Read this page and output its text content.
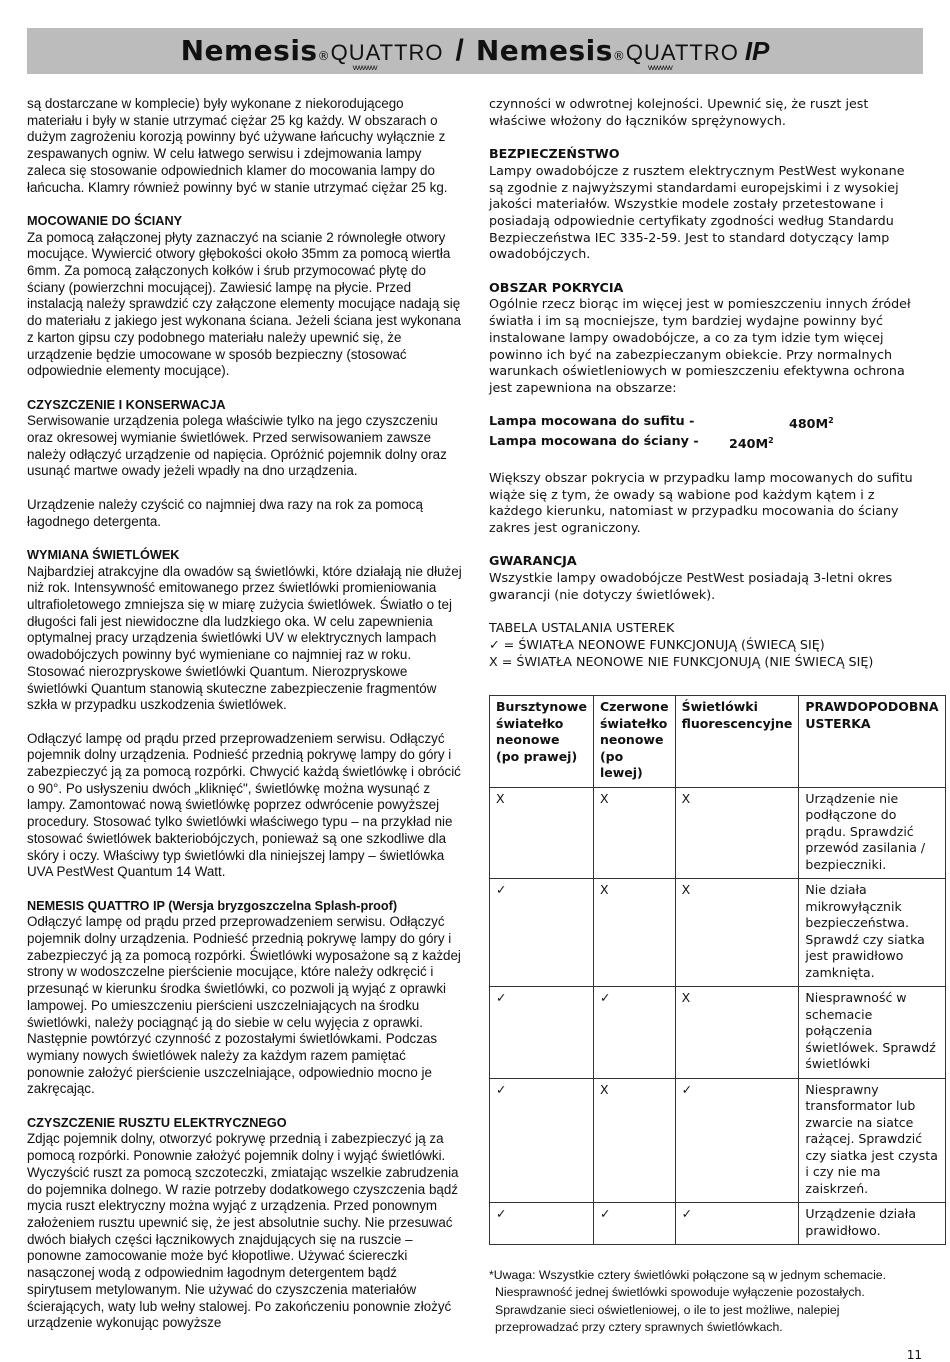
Nemesis ® QUATTRO
vvvvvvvv
/ Nemesis ® QUATTRO
vvvvvvvv
IP

są dostarczane w komplecie) były wykonane z niekorodującego materiału i były w stanie utrzymać ciężar 25 kg każdy. W obszarach o dużym zagrożeniu korozją powinny być używane łańcuchy wyłącznie z zespawanych ogniw. W celu łatwego serwisu i zdejmowania lampy zaleca się stosowanie odpowiednich klamer do mocowania lampy do łańcucha. Klamry również powinny być w stanie utrzymać ciężar 25 kg.

MOCOWANIE DO ŚCIANY

Za pomocą załączonej płyty zaznaczyć na scianie 2 równoległe otwory mocujące. Wywiercić otwory głębokości około 35mm za pomocą wiertła 6mm. Za pomocą załączonych kołków i śrub przymocować płytę do ściany (powierzchni mocującej). Zawiesić lampę na płycie. Przed instalacją należy sprawdzić czy załączone elementy mocujące nadają się do materiału z jakiego jest wykonana ściana. Jeżeli ściana jest wykonana z karton gipsu czy podobnego materiału należy upewnić się, że urządzenie będzie umocowane w sposób bezpieczny (stosować odpowiednie elementy mocujące).

CZYSZCZENIE I KONSERWACJA

Serwisowanie urządzenia polega właściwie tylko na jego czyszczeniu oraz okresowej wymianie świetlówek. Przed serwisowaniem zawsze należy odłączyć urządzenie od napięcia. Opróżnić pojemnik dolny oraz usunąć martwe owady jeżeli wpadły na dno urządzenia.

Urządzenie należy czyścić co najmniej dwa razy na rok za pomocą łagodnego detergenta.

WYMIANA ŚWIETLÓWEK

Najbardziej atrakcyjne dla owadów są świetlówki, które działają nie dłużej niż rok. Intensywność emitowanego przez świetlówki promieniowania ultrafioletowego zmniejsza się w miarę zużycia świetlówek. Światło o tej długości fali jest niewidoczne dla ludzkiego oka. W celu zapewnienia optymalnej pracy urządzenia świetlówki UV w elektrycznych lampach owadobójczych powinny być wymieniane co najmniej raz w roku. Stosować nierozpryskowe świetlówki Quantum. Nierozpryskowe świetlówki Quantum stanowią skuteczne zabezpieczenie fragmentów szkła w przypadku uszkodzenia świetlówek.

Odłączyć lampę od prądu przed przeprowadzeniem serwisu. Odłączyć pojemnik dolny urządzenia. Podnieść przednią pokrywę lampy do góry i zabezpieczyć ją za pomocą rozpórki. Chwycić każdą świetlówkę i obrócić o 90°. Po usłyszeniu dwóch „kliknięć", świetlówkę można wysunąć z lampy. Zamontować nową świetlówkę poprzez odwrócenie powyższej procedury. Stosować tylko świetlówki właściwego typu – na przykład nie stosować świetlówek bakteriobójczych, ponieważ są one szkodliwe dla skóry i oczy. Właściwy typ świetlówki dla niniejszej lampy – świetlówka UVA PestWest Quantum 14 Watt.

NEMESIS QUATTRO IP (Wersja bryzgoszczelna Splash-proof)

Odłączyć lampę od prądu przed przeprowadzeniem serwisu. Odłączyć pojemnik dolny urządzenia. Podnieść przednią pokrywę lampy do góry i zabezpieczyć ją za pomocą rozpórki. Świetlówki wyposażone są z każdej strony w wodoszczelne pierścienie mocujące, które należy odkręcić i przesunąć w kierunku środka świetlówki, co pozwoli ją wyjąć z oprawki lampowej. Po umieszczeniu pierścieni uszczelniających na środku świetlówki, należy pociągnąć ją do siebie w celu wyjęcia z oprawki. Następnie powtórzyć czynność z pozostałymi świetlówkami. Podczas wymiany nowych świetlówek należy za każdym razem pamiętać ponownie założyć pierścienie uszczelniające, odpowiednio mocno je zakręcając.

CZYSZCZENIE RUSZTU ELEKTRYCZNEGO

Zdjąc pojemnik dolny, otworzyć pokrywę przednią i zabezpieczyć ją za pomocą rozpórki. Ponownie założyć pojemnik dolny i wyjąć świetlówki. Wyczyścić ruszt za pomocą szczoteczki, zmiatając wszelkie zabrudzenia do pojemnika dolnego. W razie potrzeby dodatkowego czyszczenia bądź mycia ruszt elektryczny można wyjąć z urządzenia. Przed ponownym założeniem rusztu upewnić się, że jest absolutnie suchy. Nie przesuwać dwóch białych części łącznikowych znajdujących się na ruszcie – ponowne zamocowanie może być kłopotliwe. Używać ściereczki nasączonej wodą z odpowiednim łagodnym detergentem bądź spirytusem metylowanym. Nie używać do czyszczenia materiałów ścierających, waty lub wełny stalowej. Po zakończeniu ponownie złożyć urządzenie wykonując powyższe

czynności w odwrotnej kolejności. Upewnić się, że ruszt jest właściwe włożony do łączników sprężynowych.

BEZPIECZEŃSTWO

Lampy owadobójcze z rusztem elektrycznym PestWest wykonane są zgodnie z najwyższymi standardami europejskimi i z wysokiej jakości materiałów. Wszystkie modele zostały przetestowane i posiadają odpowiednie certyfikaty zgodności według Standardu Bezpieczeństwa IEC 335-2-59. Jest to standard dotyczący lamp owadobójczych.

OBSZAR POKRYCIA

Ogólnie rzecz biorąc im więcej jest w pomieszczeniu innych źródeł światła i im są mocniejsze, tym bardziej wydajne powinny być instalowane lampy owadobójcze, a co za tym idzie tym więcej powinno ich być na zabezpieczanym obiekcie. Przy normalnych warunkach oświetleniowych w pomieszczeniu efektywna ochrona jest zapewniona na obszarze:

Lampa mocowana do sufitu -	$480M^2$
Lampa mocowana do ściany -	$240M^2$

Większy obszar pokrycia w przypadku lamp mocowanych do sufitu wiąże się z tym, że owady są wabione pod każdym kątem i z każdego kierunku, natomiast w przypadku mocowania do ściany zakres jest ograniczony.

GWARANCJA

Wszystkie lampy owadobójcze PestWest posiadają 3-letni okres gwarancji (nie dotyczy świetlówek).

TABELA USTALANIA USTEREK
✓ = ŚWIATŁA NEONOWE FUNKCJONUJĄ (ŚWIECĄ SIĘ)
X = ŚWIATŁA NEONOWE NIE FUNKCJONUJĄ (NIE ŚWIECĄ SIĘ)
Bursztynowe światełko neonowe (po prawej)	Czerwone światełko neonowe (po lewej)	Świetlówki fluorescencyjne	PRAWDOPODOBNA USTERKA
X	X	X	Urządzenie nie podłączone do prądu. Sprawdzić przewód zasilania / bezpieczniki.
✓	X	X	Nie działa mikrowyłącznik bezpieczeństwa. Sprawdź czy siatka jest prawidłowo zamknięta.
✓	✓	X	Niesprawność w schemacie połączenia świetlówek. Sprawdź świetlówki
✓	X	✓	Niesprawny transformator lub zwarcie na siatce rażącej. Sprawdzić czy siatka jest czysta i czy nie ma zaiskrzeń.
✓	✓	✓	Urządzenie działa prawidłowo.
*Uwaga: Wszystkie cztery świetlówki połączone są w jednym schemacie.
Niesprawność jednej świetlówki spowoduje wyłączenie pozostałych.
Sprawdzanie sieci oświetleniowej, o ile to jest możliwe, nalepiej
przeprowadzać przy cztery sprawnych świetlówkach.
11
